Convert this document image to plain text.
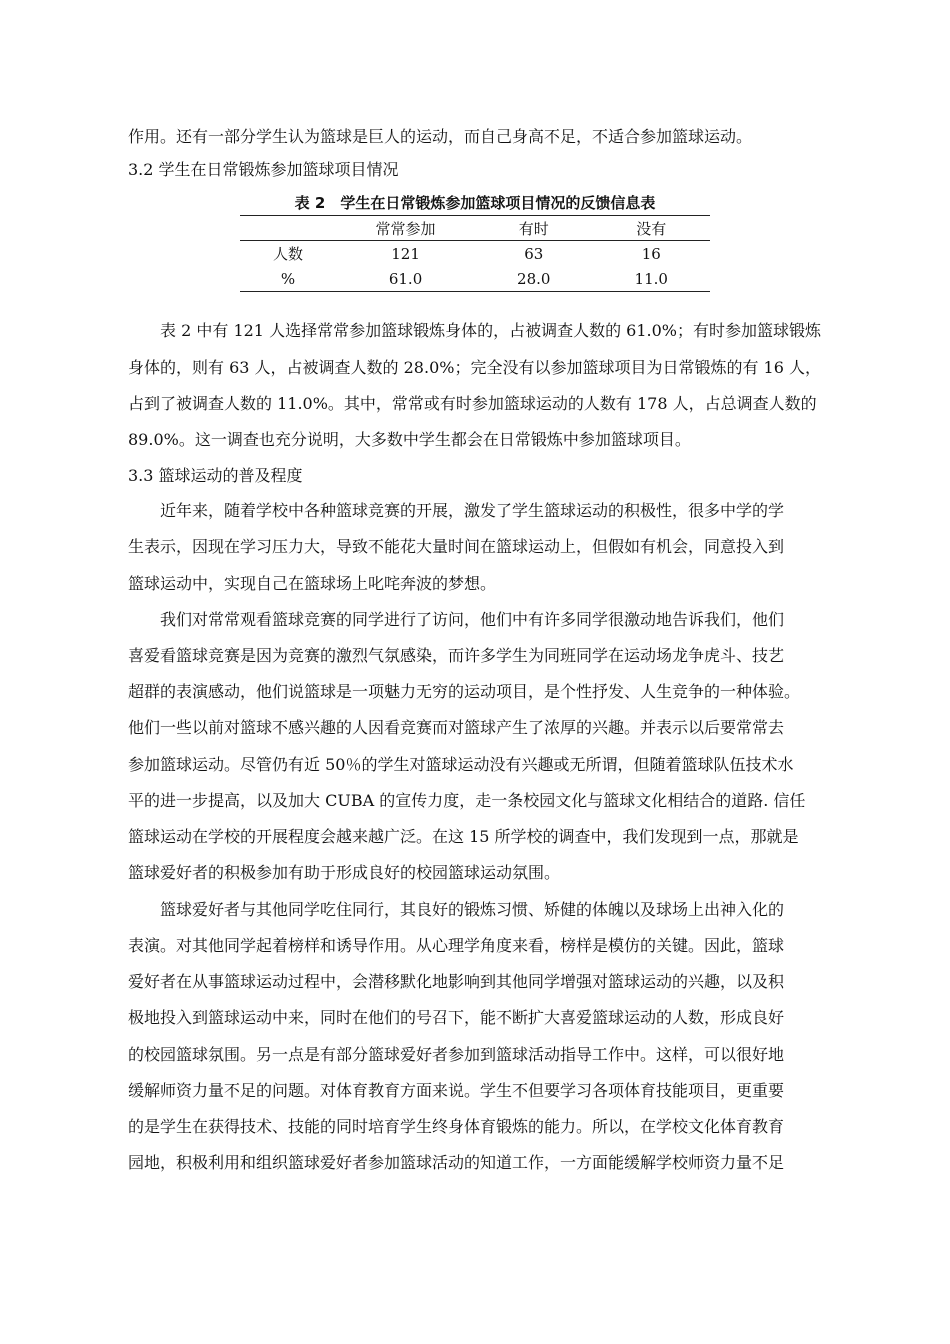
作用。还有一部分学生认为篮球是巨人的运动，而自己身高不足，不适合参加篮球运动。
3.2 学生在日常锻炼参加篮球项目情况
表 2　学生在日常锻炼参加篮球项目情况的反馈信息表
	常常参加	有时	没有
人数	121	63	16
%	61.0	28.0	11.0
表 2 中有 121 人选择常常参加篮球锻炼身体的，占被调查人数的 61.0%；有时参加篮球锻炼
身体的，则有 63 人，占被调查人数的 28.0%；完全没有以参加篮球项目为日常锻炼的有 16 人，
占到了被调查人数的 11.0%。其中，常常或有时参加篮球运动的人数有 178 人，占总调查人数的
89.0%。这一调查也充分说明，大多数中学生都会在日常锻炼中参加篮球项目。
3.3 篮球运动的普及程度
近年来，随着学校中各种篮球竞赛的开展，激发了学生篮球运动的积极性，很多中学的学
生表示，因现在学习压力大，导致不能花大量时间在篮球运动上，但假如有机会，同意投入到
篮球运动中，实现自己在篮球场上叱咤奔波的梦想。
我们对常常观看篮球竞赛的同学进行了访问，他们中有许多同学很激动地告诉我们，他们
喜爱看篮球竞赛是因为竞赛的激烈气氛感染，而许多学生为同班同学在运动场龙争虎斗、技艺
超群的表演感动，他们说篮球是一项魅力无穷的运动项目，是个性抒发、人生竞争的一种体验。
他们一些以前对篮球不感兴趣的人因看竞赛而对篮球产生了浓厚的兴趣。并表示以后要常常去
参加篮球运动。尽管仍有近 50％的学生对篮球运动没有兴趣或无所谓，但随着篮球队伍技术水
平的进一步提高，以及加大 CUBA 的宣传力度，走一条校园文化与篮球文化相结合的道路. 信任
篮球运动在学校的开展程度会越来越广泛。在这 15 所学校的调查中，我们发现到一点，那就是
篮球爱好者的积极参加有助于形成良好的校园篮球运动氛围。
篮球爱好者与其他同学吃住同行，其良好的锻炼习惯、矫健的体魄以及球场上出神入化的
表演。对其他同学起着榜样和诱导作用。从心理学角度来看，榜样是模仿的关键。因此，篮球
爱好者在从事篮球运动过程中，会潜移默化地影响到其他同学增强对篮球运动的兴趣，以及积
极地投入到篮球运动中来，同时在他们的号召下，能不断扩大喜爱篮球运动的人数，形成良好
的校园篮球氛围。另一点是有部分篮球爱好者参加到篮球活动指导工作中。这样，可以很好地
缓解师资力量不足的问题。对体育教育方面来说。学生不但要学习各项体育技能项目，更重要
的是学生在获得技术、技能的同时培育学生终身体育锻炼的能力。所以，在学校文化体育教育
园地，积极利用和组织篮球爱好者参加篮球活动的知道工作，一方面能缓解学校师资力量不足
